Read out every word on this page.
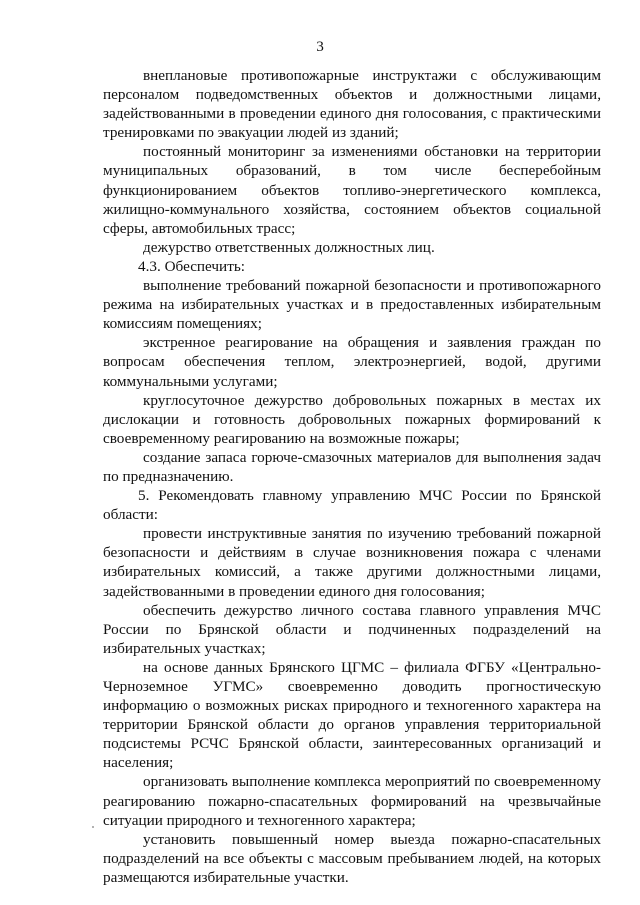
3

внеплановые противопожарные инструктажи с обслуживающим персоналом подведомственных объектов и должностными лицами, задействованными в проведении единого дня голосования, с практическими тренировками по эвакуации людей из зданий;

постоянный мониторинг за изменениями обстановки на территории муниципальных образований, в том числе бесперебойным функционированием объектов топливо-энергетического комплекса, жилищно-коммунального хозяйства, состоянием объектов социальной сферы, автомобильных трасс;

дежурство ответственных должностных лиц.

4.3. Обеспечить:

выполнение требований пожарной безопасности и противопожарного режима на избирательных участках и в предоставленных избирательным комиссиям помещениях;

экстренное реагирование на обращения и заявления граждан по вопросам обеспечения теплом, электроэнергией, водой, другими коммунальными услугами;

круглосуточное дежурство добровольных пожарных в местах их дислокации и готовность добровольных пожарных формирований к своевременному реагированию на возможные пожары;

создание запаса горюче-смазочных материалов для выполнения задач по предназначению.

5. Рекомендовать главному управлению МЧС России по Брянской области:

провести инструктивные занятия по изучению требований пожарной безопасности и действиям в случае возникновения пожара с членами избирательных комиссий, а также другими должностными лицами, задействованными в проведении единого дня голосования;

обеспечить дежурство личного состава главного управления МЧС России по Брянской области и подчиненных подразделений на избирательных участках;

на основе данных Брянского ЦГМС – филиала ФГБУ «Центрально-Черноземное УГМС» своевременно доводить прогностическую информацию о возможных рисках природного и техногенного характера на территории Брянской области до органов управления территориальной подсистемы РСЧС Брянской области, заинтересованных организаций и населения;

организовать выполнение комплекса мероприятий по своевременному реагированию пожарно-спасательных формирований на чрезвычайные ситуации природного и техногенного характера;

установить повышенный номер выезда пожарно-спасательных подразделений на все объекты с массовым пребыванием людей, на которых размещаются избирательные участки.
